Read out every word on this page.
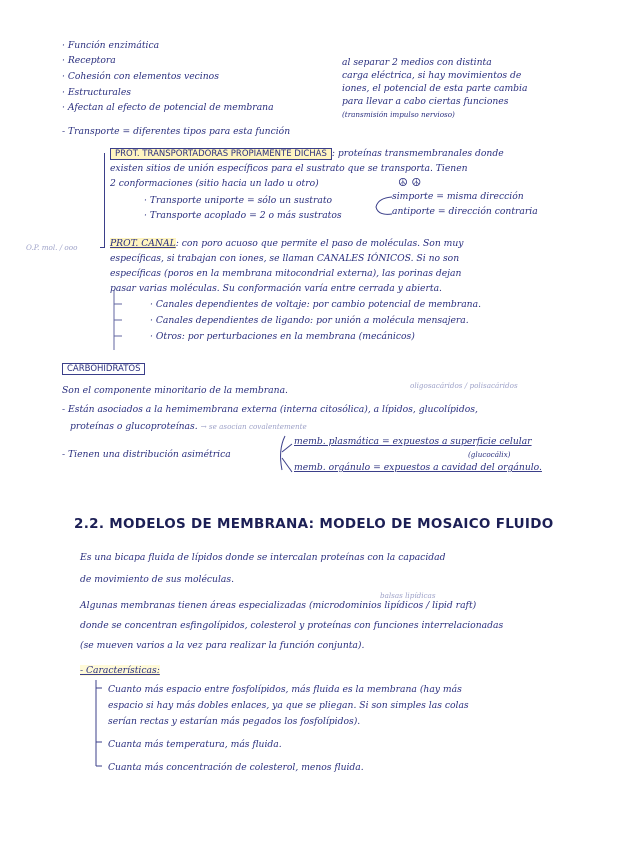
· Función enzimática
· Receptora
· Cohesión con elementos vecinos
· Estructurales
· Afectan al efecto de potencial de membrana
al separar 2 medios con distinta
carga eléctrica, si hay movimientos de
iones, el potencial de esta parte cambia
para llevar a cabo ciertas funciones
(transmisión impulso nervioso)
- Transporte = diferentes tipos para esta función
PROT. TRANSPORTADORAS PROPIAMENTE DICHAS : proteínas transmembranales donde
existen sitios de unión específicos para el sustrato que se transporta. Tienen
2 conformaciones (sitio hacia un lado u otro)	☮ ☮
· Transporte uniporte = sólo un sustrato
· Transporte acoplado = 2 o más sustratos
simporte = misma dirección
antiporte = dirección contraria
O.P. mol. / ooo	PROT. CANAL: con poro acuoso que permite el paso de moléculas. Son muy
específicas, si trabajan con iones, se llaman CANALES IÓNICOS. Si no son
específicas (poros en la membrana mitocondrial externa), las porinas dejan
pasar varias moléculas. Su conformación varía entre cerrada y abierta.
· Canales dependientes de voltaje: por cambio potencial de membrana.
· Canales dependientes de ligando: por unión a molécula mensajera.
· Otros: por perturbaciones en la membrana (mecánicos)
CARBOHIDRATOS
Son el componente minoritario de la membrana.	oligosacáridos / polisacáridos
- Están asociados a la hemimembrana externa (interna citosólica), a lípidos, glucolípidos,
proteínas o glucoproteínas. → se asocian covalentemente
- Tienen una distribución asimétrica
memb. plasmática = expuestos a superficie celular
(glucocálix)
memb. orgánulo = expuestos a cavidad del orgánulo.
2.2. MODELOS DE MEMBRANA: MODELO DE MOSAICO FLUIDO
Es una bicapa fluida de lípidos donde se intercalan proteínas con la capacidad
de movimiento de sus moléculas.
balsas lipídicas
Algunas membranas tienen áreas especializadas (microdominios lipídicos / lipid raft)
donde se concentran esfingolípidos, colesterol y proteínas con funciones interrelacionadas
(se mueven varios a la vez para realizar la función conjunta).
- Características:
Cuanto más espacio entre fosfolípidos, más fluida es la membrana (hay más
espacio si hay más dobles enlaces, ya que se pliegan. Si son simples las colas
serían rectas y estarían más pegados los fosfolípidos).
Cuanta más temperatura, más fluida.
Cuanta más concentración de colesterol, menos fluida.
